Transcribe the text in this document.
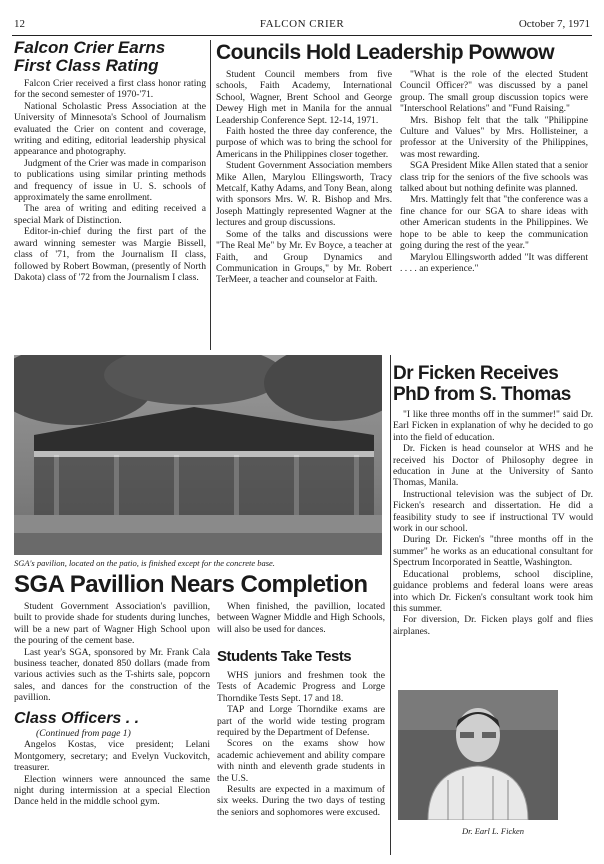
12	FALCON CRIER	October 7, 1971
Falcon Crier Earns
First Class Rating

Falcon Crier received a first class honor rating for the second semester of 1970-'71.

National Scholastic Press Association at the University of Minnesota's School of Journalism evaluated the Crier on content and coverage, writing and editing, editorial leadership physical appearance and photography.

Judgment of the Crier was made in comparison to publications using similar printing methods and frequency of issue in U. S. schools of approximately the same enrollment.

The area of writing and editing received a special Mark of Distinction.

Editor-in-chief during the first part of the award winning semester was Margie Bissell, class of '71, from the Journalism II class, followed by Robert Bowman, (presently of North Dakota) class of '72 from the Journalism I class.

Councils Hold Leadership Powwow

Student Council members from five schools, Faith Academy, International School, Wagner, Brent School and George Dewey High met in Manila for the annual Leadership Conference Sept. 12-14, 1971.

Faith hosted the three day conference, the purpose of which was to bring the school for Americans in the Philippines closer together.

Student Government Association members Mike Allen, Marylou Ellingsworth, Tracy Metcalf, Kathy Adams, and Tony Bean, along with sponsors Mrs. W. R. Bishop and Mrs. Joseph Mattingly represented Wagner at the lectures and group discussions.

Some of the talks and discussions were "The Real Me" by Mr. Ev Boyce, a teacher at Faith, and Group Dynamics and Communication in Groups," by Mr. Robert TerMeer, a teacher and counselor at Faith.

"What is the role of the elected Student Council Officer?" was discussed by a panel group. The small group discussion topics were "Interschool Relations" and "Fund Raising."

Mrs. Bishop felt that the talk "Philippine Culture and Values" by Mrs. Hollisteiner, a professor at the University of the Philippines, was most rewarding.

SGA President Mike Allen stated that a senior class trip for the seniors of the five schools was talked about but nothing definite was planned.

Mrs. Mattingly felt that "the conference was a fine chance for our SGA to share ideas with other American students in the Philippines. We hope to be able to keep the communication going during the rest of the year."

Marylou Ellingsworth added "It was different . . . . an experience."

SGA's pavilion, located on the patio, is finished except for the concrete base.
SGA Pavillion Nears Completion

Student Government Association's pavillion, built to provide shade for students during lunches, will be a new part of Wagner High School upon the pouring of the cement base.

Last year's SGA, sponsored by Mr. Frank Cala business teacher, donated 850 dollars (made from various activies such as the T-shirts sale, popcorn sales, and dances for the construction of the pavillion.

When finished, the pavillion, located between Wagner Middle and High Schools, will also be used for dances.

Class Officers . .
(Continued from page 1)

Angelos Kostas, vice president; Lelani Montgomery, secretary; and Evelyn Vuckovitch, treasurer.

Election winners were announced the same night during intermission at a special Election Dance held in the middle school gym.

Students Take Tests

WHS juniors and freshmen took the Tests of Academic Progress and Lorge Thorndike Tests Sept. 17 and 18.

TAP and Lorge Thorndike exams are part of the world wide testing program required by the Department of Defense.

Scores on the exams show how academic achievement and ability compare with ninth and eleventh grade students in the U.S.

Results are expected in a maximum of six weeks. During the two days of testing the seniors and sophomores were excused.

Dr Ficken Receives
PhD from S. Thomas

"I like three months off in the summer!" said Dr. Earl Ficken in explanation of why he decided to go into the field of education.

Dr. Ficken is head counselor at WHS and he received his Doctor of Philosophy degree in education in June at the University of Santo Thomas, Manila.

Instructional television was the subject of Dr. Ficken's research and dissertation. He did a feasibility study to see if instructional TV would work in our school.

During Dr. Ficken's "three months off in the summer" he works as an educational consultant for Spectrum Incorporated in Seattle, Washington.

Educational problems, school discipline, guidance problems and federal loans were areas into which Dr. Ficken's consultant work took him this summer.

For diversion, Dr. Ficken plays golf and flies airplanes.

Dr. Earl L. Ficken
